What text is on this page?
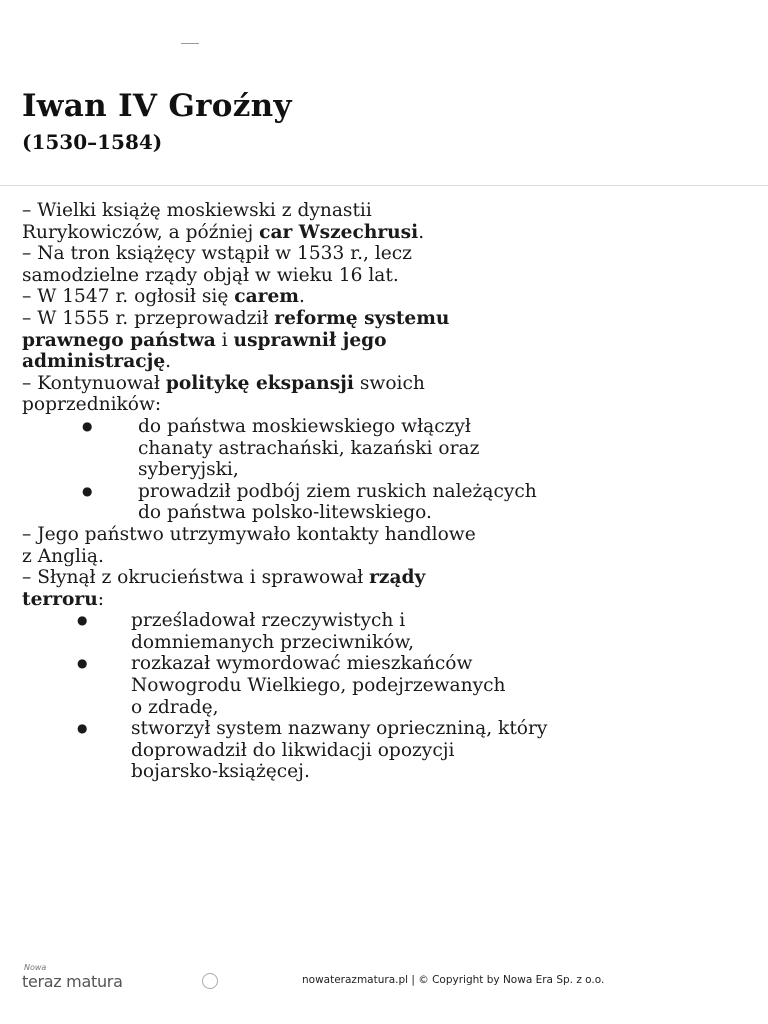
Iwan IV Groźny
(1530–1584)

– Wielki książę moskiewski z dynastii
Rurykowiczów, a później car Wszechrusi.

– Na tron książęcy wstąpił w 1533 r., lecz
samodzielne rządy objął w wieku 16 lat.

– W 1547 r. ogłosił się carem.

– W 1555 r. przeprowadził reformę systemu
prawnego państwa i usprawnił jego
administrację.

– Kontynuował politykę ekspansji swoich
poprzedników:

● do państwa moskiewskiego włączył
chanaty astrachański, kazański oraz
syberyjski,
● prowadził podbój ziem ruskich należących
do państwa polsko-litewskiego.

– Jego państwo utrzymywało kontakty handlowe
z Anglią.

– Słynął z okrucieństwa i sprawował rządy
terroru:

● prześladował rzeczywistych i
domniemanych przeciwników,
● rozkazał wymordować mieszkańców
Nowogrodu Wielkiego, podejrzewanych
o zdradę,
● stworzył system nazwany oprieczniną, który
doprowadził do likwidacji opozycji
bojarsko-książęcej.
Nowa
teraz matura	nowaterazmatura.pl | © Copyright by Nowa Era Sp. z o.o.
